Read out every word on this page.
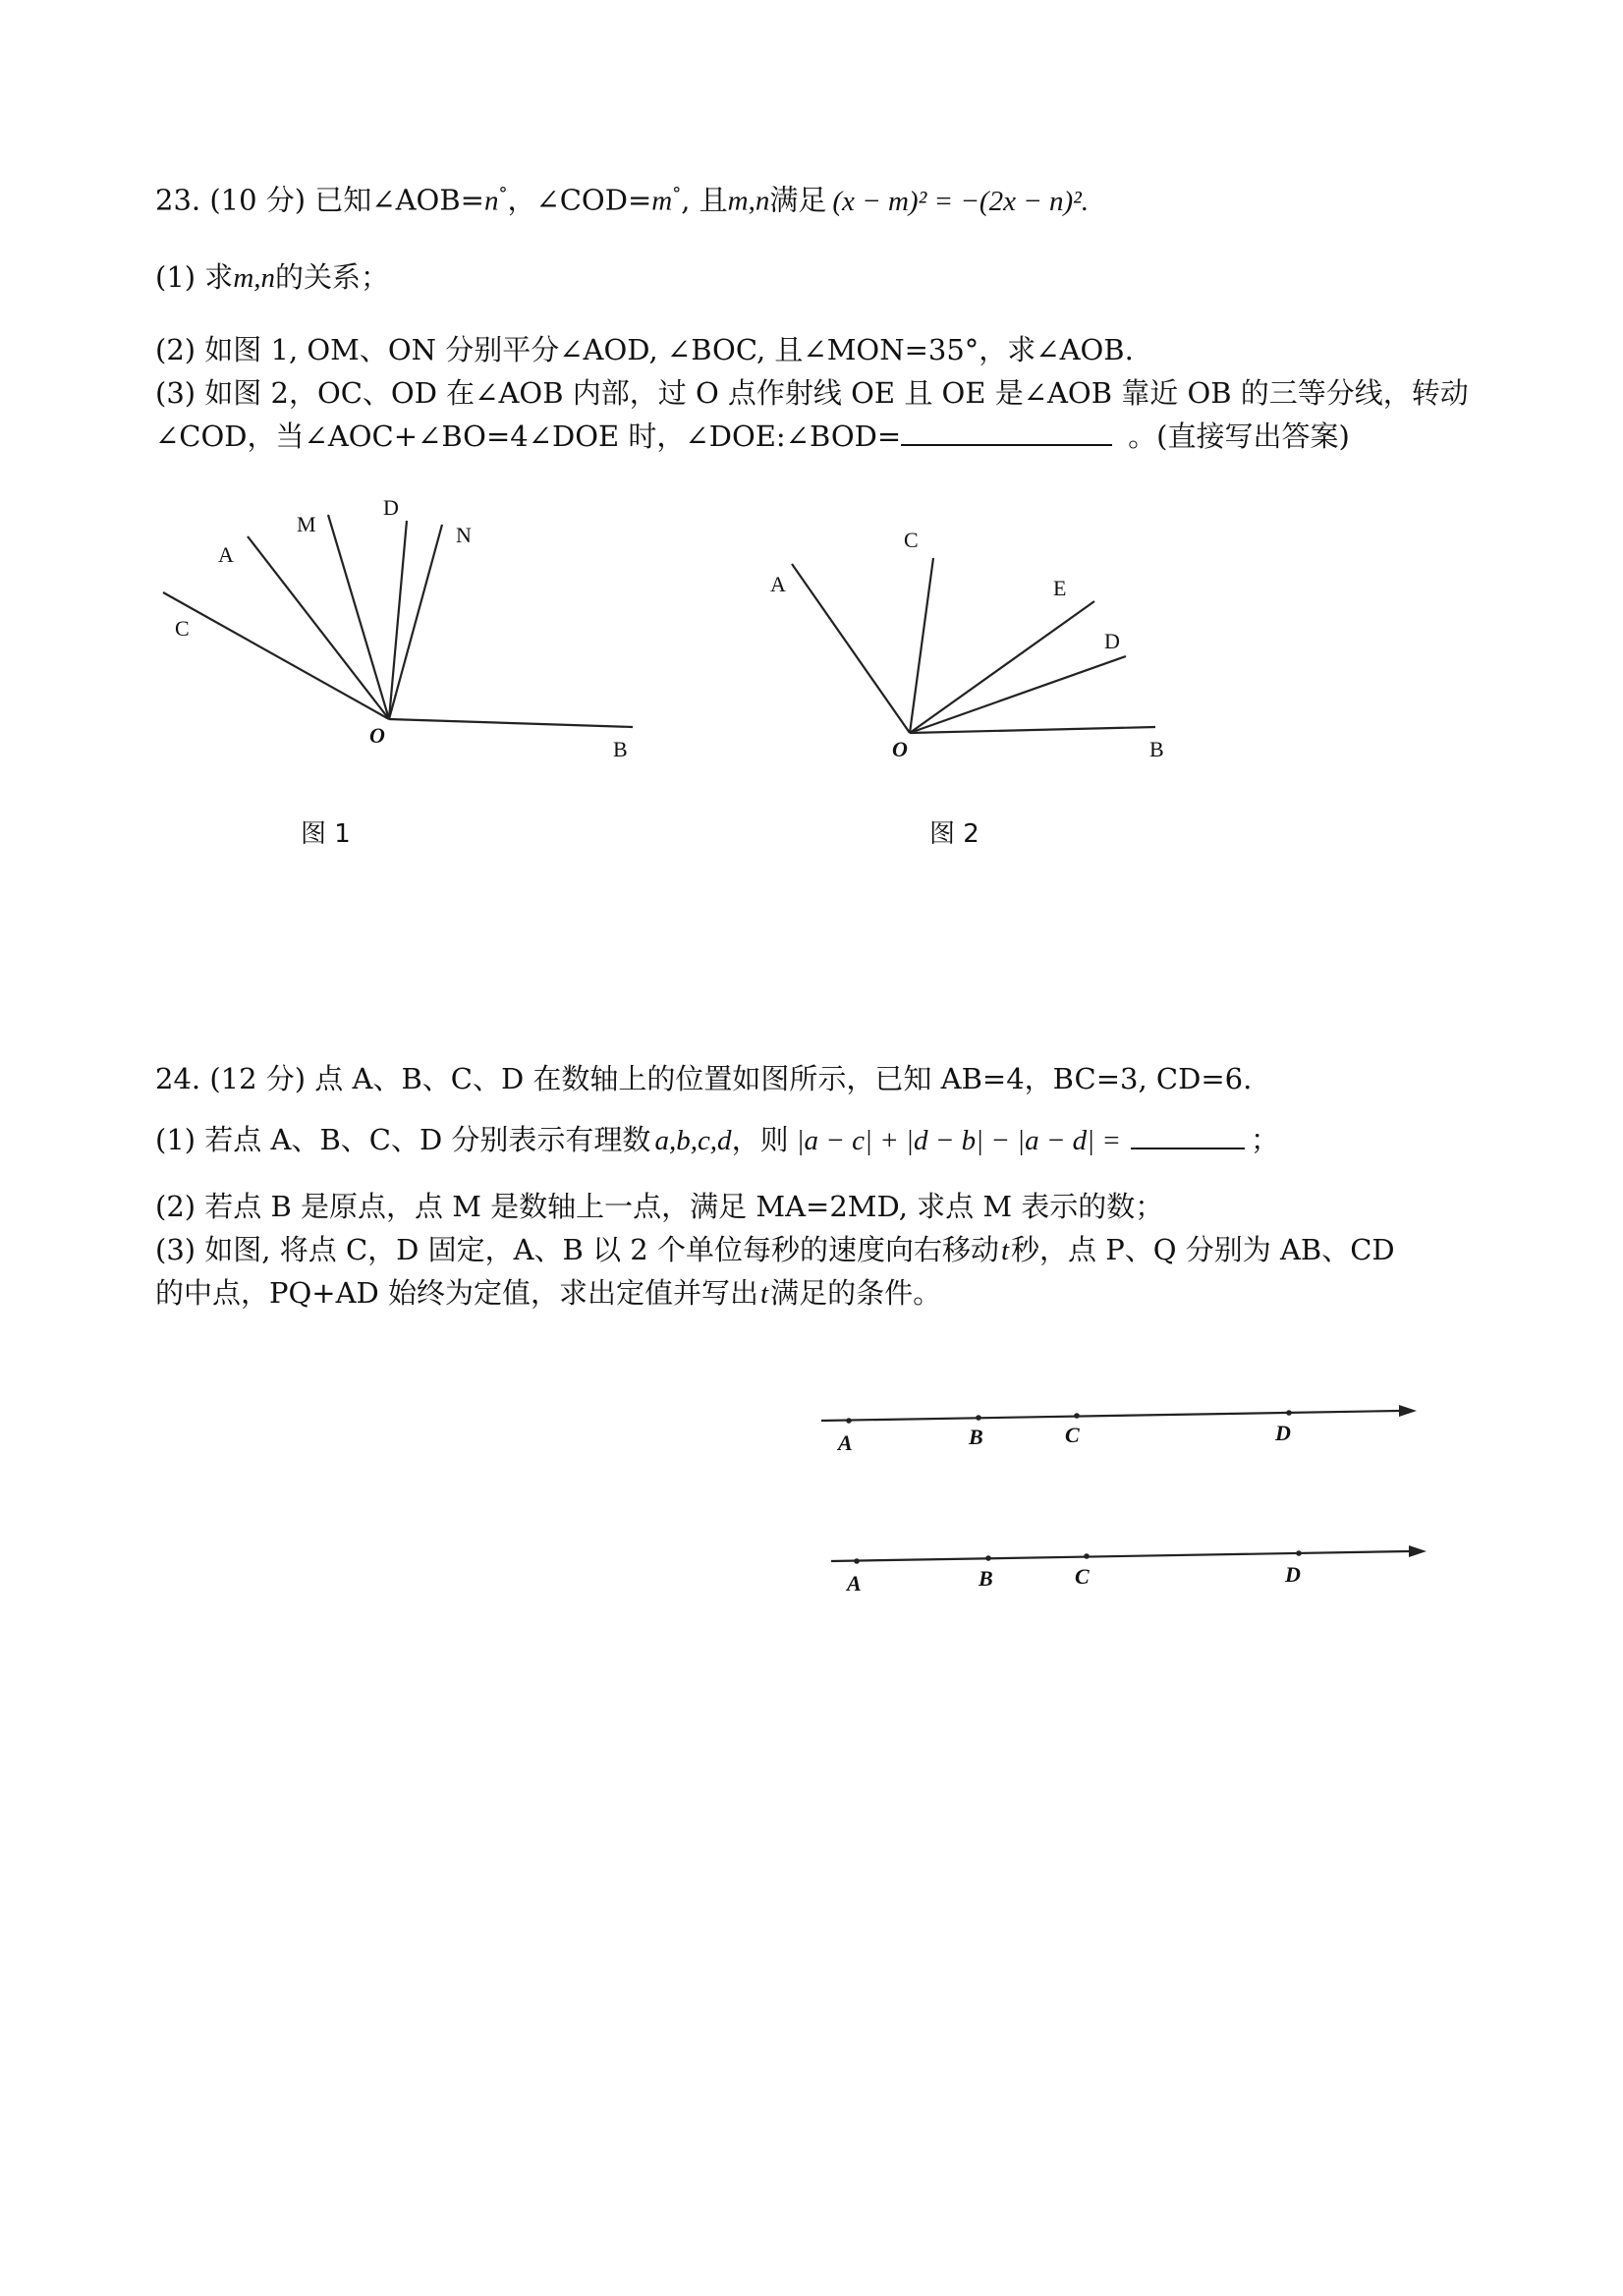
23. (10 分) 已知∠AOB=n°，∠COD=m°, 且m,n满足 (x − m)² = −(2x − n)².
(1) 求m,n的关系；
(2) 如图 1, OM、ON 分别平分∠AOD, ∠BOC, 且∠MON=35°，求∠AOB.
(3) 如图 2，OC、OD 在∠AOB 内部，过 O 点作射线 OE 且 OE 是∠AOB 靠近 OB 的三等分线，转动
∠COD，当∠AOC+∠BO=4∠DOE 时，∠DOE:∠BOD=	。(直接写出答案)
A
M
D
N
C
O
B
A
C
E
D
O	B
A	B	C	D
A	B	C	D
图 1	图 2
24. (12 分) 点 A、B、C、D 在数轴上的位置如图所示，已知 AB=4，BC=3, CD=6.
(1) 若点 A、B、C、D 分别表示有理数 a,b,c,d，则 |a − c| + |d − b| − |a − d| =	；
(2) 若点 B 是原点，点 M 是数轴上一点，满足 MA=2MD, 求点 M 表示的数；
(3) 如图, 将点 C，D 固定，A、B 以 2 个单位每秒的速度向右移动t秒，点 P、Q 分别为 AB、CD
的中点，PQ+AD 始终为定值，求出定值并写出t满足的条件。
